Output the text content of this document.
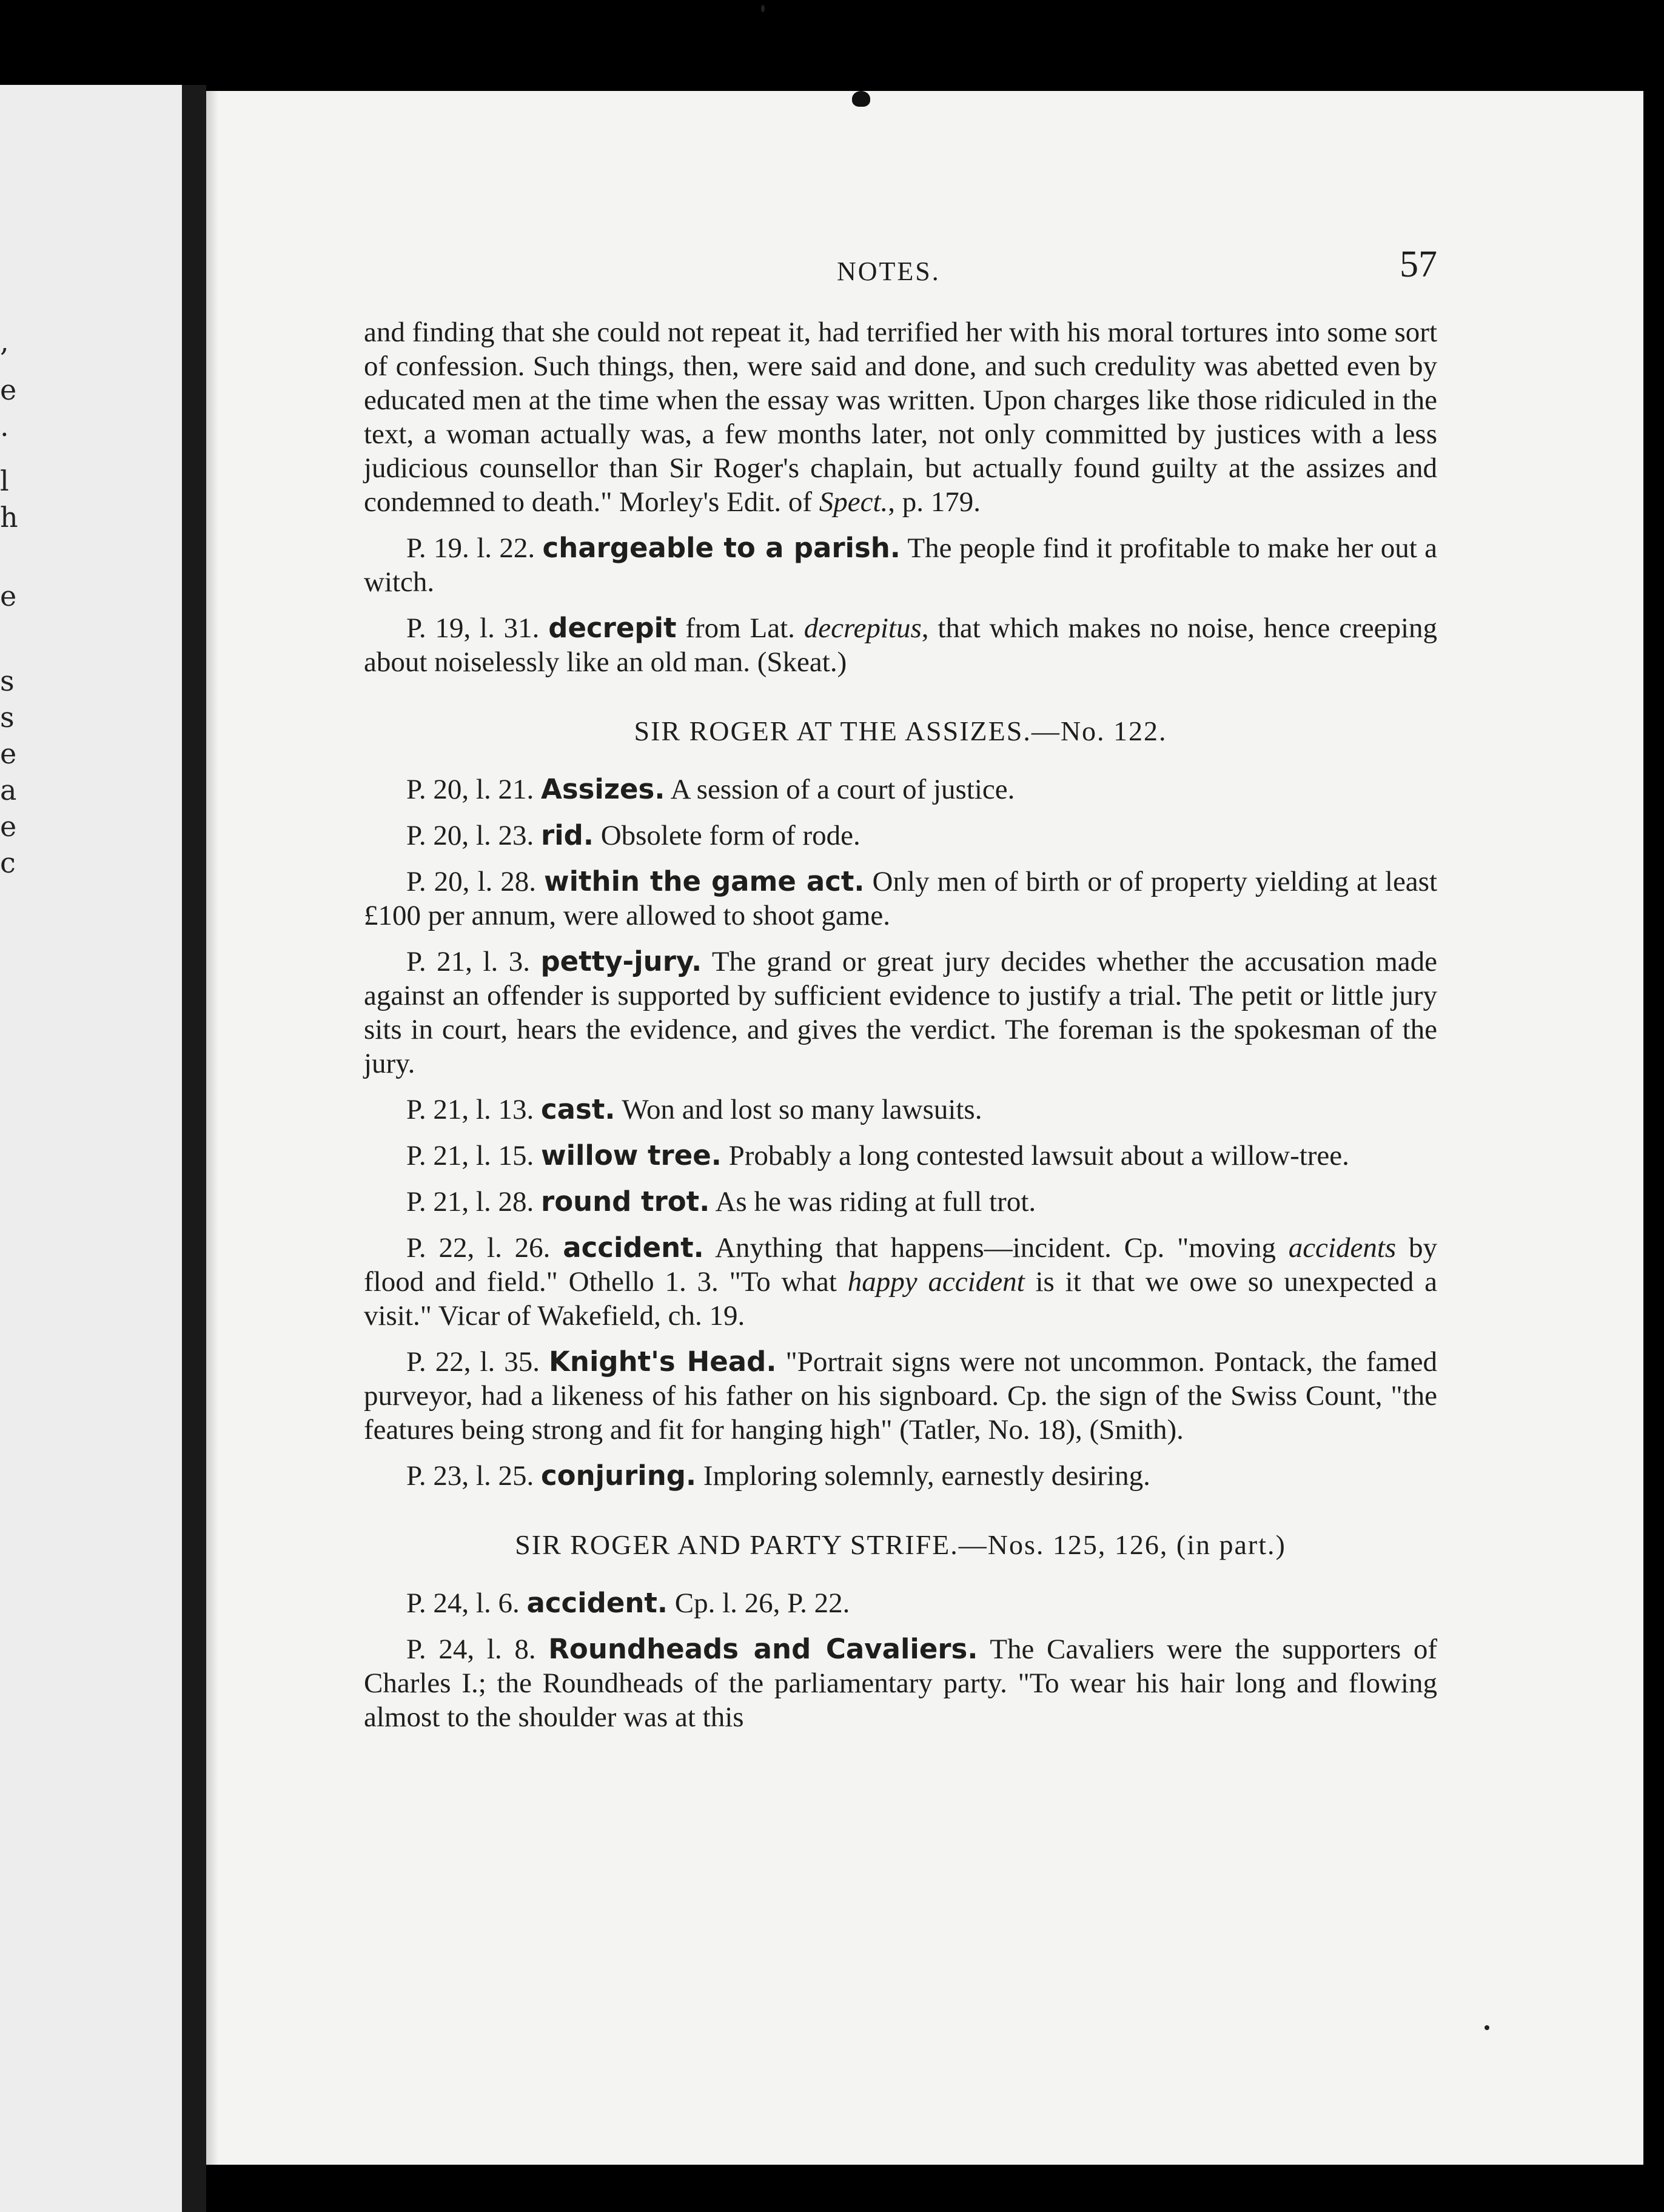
,
e
.
l
h
e
s
s
e
a
e
c
NOTES.	57

and finding that she could not repeat it, had terrified her with his moral tortures into some sort of confession. Such things, then, were said and done, and such credulity was abetted even by educated men at the time when the essay was written. Upon charges like those ridiculed in the text, a woman actually was, a few months later, not only committed by justices with a less judicious counsellor than Sir Roger's chaplain, but actually found guilty at the assizes and condemned to death." Morley's Edit. of Spect., p. 179.

P. 19. l. 22. chargeable to a parish. The people find it profitable to make her out a witch.

P. 19, l. 31. decrepit from Lat. decrepitus, that which makes no noise, hence creeping about noiselessly like an old man. (Skeat.)

SIR ROGER AT THE ASSIZES.—No. 122.

P. 20, l. 21. Assizes. A session of a court of justice.

P. 20, l. 23. rid. Obsolete form of rode.

P. 20, l. 28. within the game act. Only men of birth or of property yielding at least £100 per annum, were allowed to shoot game.

P. 21, l. 3. petty-jury. The grand or great jury decides whether the accusation made against an offender is supported by sufficient evidence to justify a trial. The petit or little jury sits in court, hears the evidence, and gives the verdict. The foreman is the spokesman of the jury.

P. 21, l. 13. cast. Won and lost so many lawsuits.

P. 21, l. 15. willow tree. Probably a long contested lawsuit about a willow-tree.

P. 21, l. 28. round trot. As he was riding at full trot.

P. 22, l. 26. accident. Anything that happens—incident. Cp. "moving accidents by flood and field." Othello 1. 3. "To what happy accident is it that we owe so unexpected a visit." Vicar of Wakefield, ch. 19.

P. 22, l. 35. Knight's Head. "Portrait signs were not uncommon. Pontack, the famed purveyor, had a likeness of his father on his signboard. Cp. the sign of the Swiss Count, "the features being strong and fit for hanging high" (Tatler, No. 18), (Smith).

P. 23, l. 25. conjuring. Imploring solemnly, earnestly desiring.

SIR ROGER AND PARTY STRIFE.—Nos. 125, 126, (in part.)

P. 24, l. 6. accident. Cp. l. 26, P. 22.

P. 24, l. 8. Roundheads and Cavaliers. The Cavaliers were the supporters of Charles I.; the Roundheads of the parliamentary party. "To wear his hair long and flowing almost to the shoulder was at this
